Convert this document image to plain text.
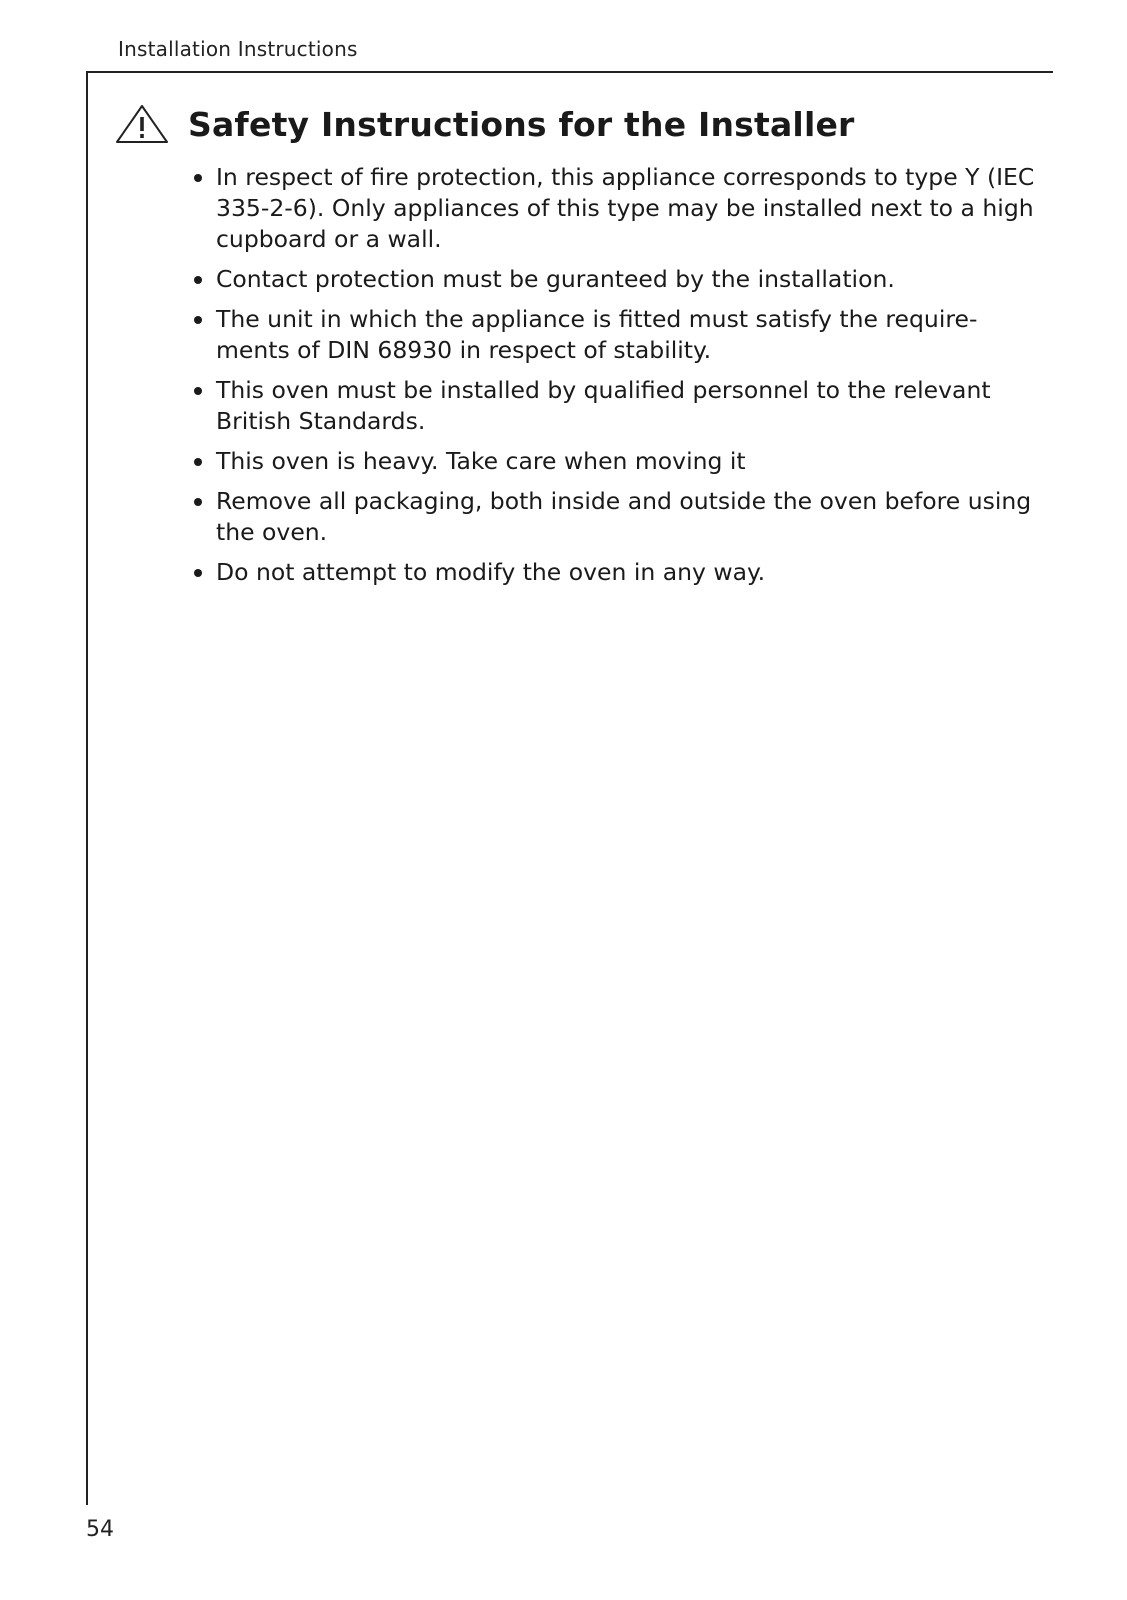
Installation Instructions
Safety Instructions for the Installer
In respect of fire protection, this appliance corresponds to type Y (IEC 335-2-6). Only appliances of this type may be installed next to a high cupboard or a wall.
Contact protection must be guranteed by the installation.
The unit in which the appliance is fitted must satisfy the require-ments of DIN 68930 in respect of stability.
This oven must be installed by qualified personnel to the relevant British Standards.
This oven is heavy. Take care when moving it
Remove all packaging, both inside and outside the oven before using the oven.
Do not attempt to modify the oven in any way.
54
